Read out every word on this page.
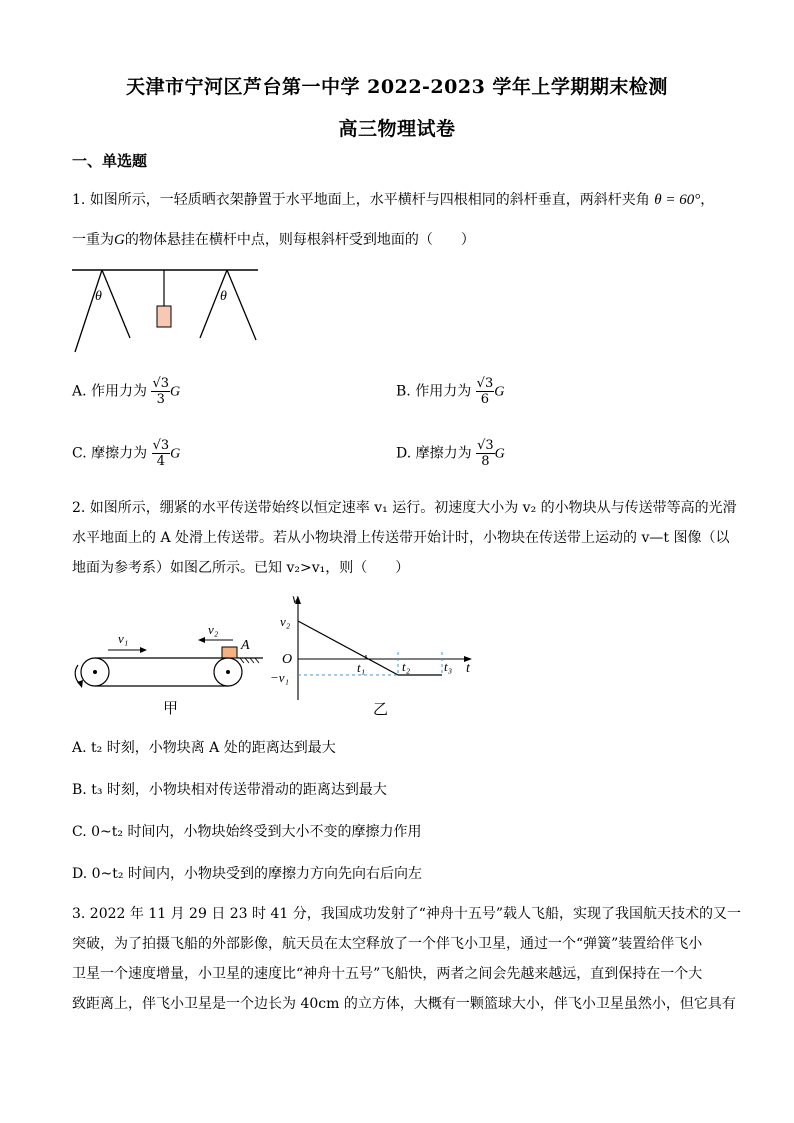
天津市宁河区芦台第一中学 2022-2023 学年上学期期末检测
高三物理试卷
一、单选题
1. 如图所示，一轻质晒衣架静置于水平地面上，水平横杆与四根相同的斜杆垂直，两斜杆夹角 θ = 60°，
一重为G的物体悬挂在横杆中点，则每根斜杆受到地面的（　　）
θ	θ
A. 作用力为 $\frac{√3}{3}$ G	B. 作用力为 $\frac{√3}{6}$ G
C. 摩擦力为 $\frac{√3}{4}$ G	D. 摩擦力为 $\frac{√3}{8}$ G
2. 如图所示，绷紧的水平传送带始终以恒定速率 v₁ 运行。初速度大小为 v₂ 的小物块从与传送带等高的光滑
水平地面上的 A 处滑上传送带。若从小物块滑上传送带开始计时，小物块在传送带上运动的 v—t 图像（以
地面为参考系）如图乙所示。已知 v₂>v₁，则（　　）
v₁
v₂
A
甲
v
t
v₂
O
−v₁
t₁	t₂	t₃
乙
A. t₂ 时刻，小物块离 A 处的距离达到最大
B. t₃ 时刻，小物块相对传送带滑动的距离达到最大
C. 0~t₂ 时间内，小物块始终受到大小不变的摩擦力作用
D. 0~t₂ 时间内，小物块受到的摩擦力方向先向右后向左
3. 2022 年 11 月 29 日 23 时 41 分，我国成功发射了“神舟十五号”载人飞船，实现了我国航天技术的又一
突破，为了拍摄飞船的外部影像，航天员在太空释放了一个伴飞小卫星，通过一个“弹簧”装置给伴飞小
卫星一个速度增量，小卫星的速度比“神舟十五号”飞船快，两者之间会先越来越远，直到保持在一个大
致距离上，伴飞小卫星是一个边长为 40cm 的立方体，大概有一颗篮球大小，伴飞小卫星虽然小，但它具有
